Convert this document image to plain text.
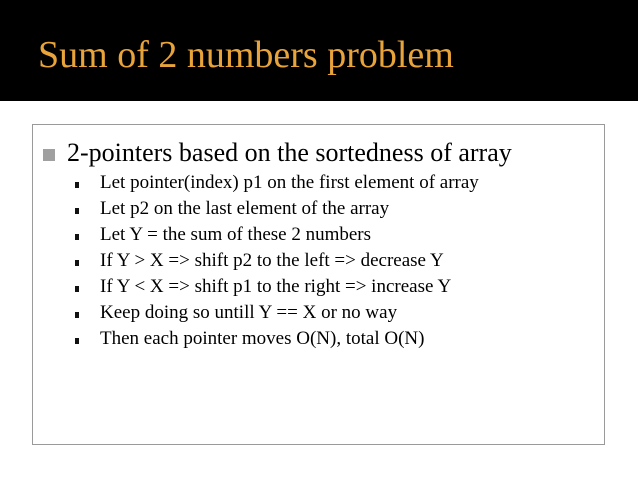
Sum of 2 numbers problem
2-pointers based on the sortedness of array
Let pointer(index) p1 on the first element of array
Let p2 on the last element of the array
Let Y = the sum of these 2 numbers
If Y > X => shift p2 to the left => decrease Y
If Y < X => shift p1 to the right => increase Y
Keep doing so untill Y == X or no way
Then each pointer moves O(N), total O(N)
